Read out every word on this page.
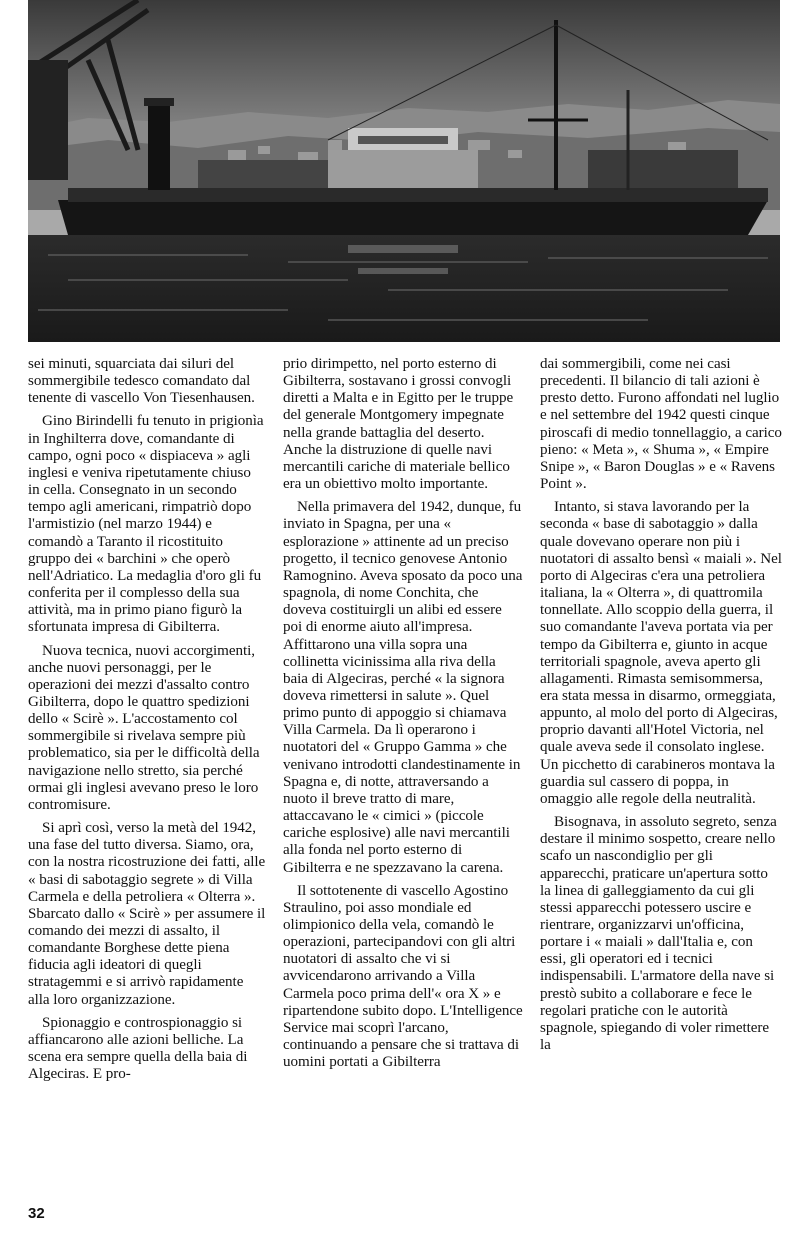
sei minuti, squarciata dai siluri del sommergibile tedesco comandato dal tenente di vascello Von Tiesenhausen.

Gino Birindelli fu tenuto in prigionìa in Inghilterra dove, comandante di campo, ogni poco « dispiaceva » agli inglesi e veniva ripetutamente chiuso in cella. Consegnato in un secondo tempo agli americani, rimpatriò dopo l'armistizio (nel marzo 1944) e comandò a Taranto il ricostituito gruppo dei « barchini » che operò nell'Adriatico. La medaglia d'oro gli fu conferita per il complesso della sua attività, ma in primo piano figurò la sfortunata impresa di Gibilterra.

Nuova tecnica, nuovi accorgimenti, anche nuovi personaggi, per le operazioni dei mezzi d'assalto contro Gibilterra, dopo le quattro spedizioni dello « Scirè ». L'accostamento col sommergibile si rivelava sempre più problematico, sia per le difficoltà della navigazione nello stretto, sia perché ormai gli inglesi avevano preso le loro contromisure.

Si aprì così, verso la metà del 1942, una fase del tutto diversa. Siamo, ora, con la nostra ricostruzione dei fatti, alle « basi di sabotaggio segrete » di Villa Carmela e della petroliera « Olterra ». Sbarcato dallo « Scirè » per assumere il comando dei mezzi di assalto, il comandante Borghese dette piena fiducia agli ideatori di quegli stratagemmi e si arrivò rapidamente alla loro organizzazione.

Spionaggio e controspionaggio si affiancarono alle azioni belliche. La scena era sempre quella della baia di Algeciras. E pro-

prio dirimpetto, nel porto esterno di Gibilterra, sostavano i grossi convogli diretti a Malta e in Egitto per le truppe del generale Montgomery impegnate nella grande battaglia del deserto. Anche la distruzione di quelle navi mercantili cariche di materiale bellico era un obiettivo molto importante.

Nella primavera del 1942, dunque, fu inviato in Spagna, per una « esplorazione » attinente ad un preciso progetto, il tecnico genovese Antonio Ramognino. Aveva sposato da poco una spagnola, di nome Conchita, che doveva costituirgli un alibi ed essere poi di enorme aiuto all'impresa. Affittarono una villa sopra una collinetta vicinissima alla riva della baia di Algeciras, perché « la signora doveva rimettersi in salute ». Quel primo punto di appoggio si chiamava Villa Carmela. Da lì operarono i nuotatori del « Gruppo Gamma » che venivano introdotti clandestinamente in Spagna e, di notte, attraversando a nuoto il breve tratto di mare, attaccavano le « cimici » (piccole cariche esplosive) alle navi mercantili alla fonda nel porto esterno di Gibilterra e ne spezzavano la carena.

Il sottotenente di vascello Agostino Straulino, poi asso mondiale ed olimpionico della vela, comandò le operazioni, partecipandovi con gli altri nuotatori di assalto che vi si avvicendarono arrivando a Villa Carmela poco prima dell'« ora X » e ripartendone subito dopo. L'Intelligence Service mai scoprì l'arcano, continuando a pensare che si trattava di uomini portati a Gibilterra

dai sommergibili, come nei casi precedenti. Il bilancio di tali azioni è presto detto. Furono affondati nel luglio e nel settembre del 1942 questi cinque piroscafi di medio tonnellaggio, a carico pieno: « Meta », « Shuma », « Empire Snipe », « Baron Douglas » e « Ravens Point ».

Intanto, si stava lavorando per la seconda « base di sabotaggio » dalla quale dovevano operare non più i nuotatori di assalto bensì « maiali ». Nel porto di Algeciras c'era una petroliera italiana, la « Olterra », di quattromila tonnellate. Allo scoppio della guerra, il suo comandante l'aveva portata via per tempo da Gibilterra e, giunto in acque territoriali spagnole, aveva aperto gli allagamenti. Rimasta semisommersa, era stata messa in disarmo, ormeggiata, appunto, al molo del porto di Algeciras, proprio davanti all'Hotel Victoria, nel quale aveva sede il consolato inglese. Un picchetto di carabineros montava la guardia sul cassero di poppa, in omaggio alle regole della neutralità.

Bisognava, in assoluto segreto, senza destare il minimo sospetto, creare nello scafo un nascondiglio per gli apparecchi, praticare un'apertura sotto la linea di galleggiamento da cui gli stessi apparecchi potessero uscire e rientrare, organizzarvi un'officina, portare i « maiali » dall'Italia e, con essi, gli operatori ed i tecnici indispensabili. L'armatore della nave si prestò subito a collaborare e fece le regolari pratiche con le autorità spagnole, spiegando di voler rimettere la

32
